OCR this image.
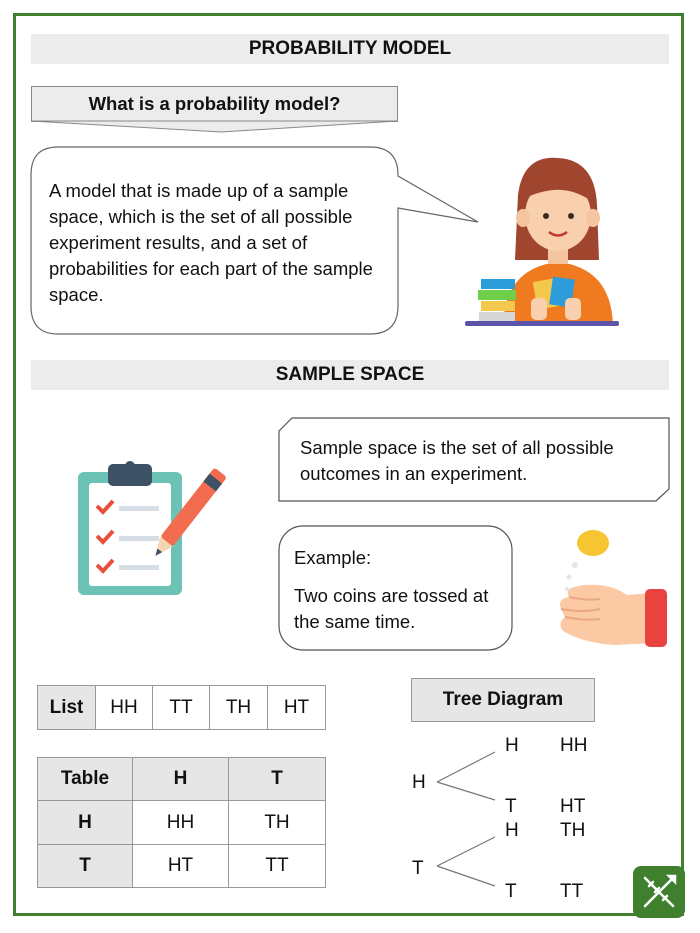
PROBABILITY MODEL
What is a probability model?
A model that is made up of a sample space, which is the set of all possible experiment results, and a set of probabilities for each part of the sample space.
SAMPLE SPACE
Sample space is the set of all possible outcomes in an experiment.
Example:
Two coins are tossed at the same time.
List	HH	TT	TH	HT
Table	H	T
H	HH	TH
T	HT	TT
Tree Diagram
H
H HH
T HT
T
H TH
T TT
